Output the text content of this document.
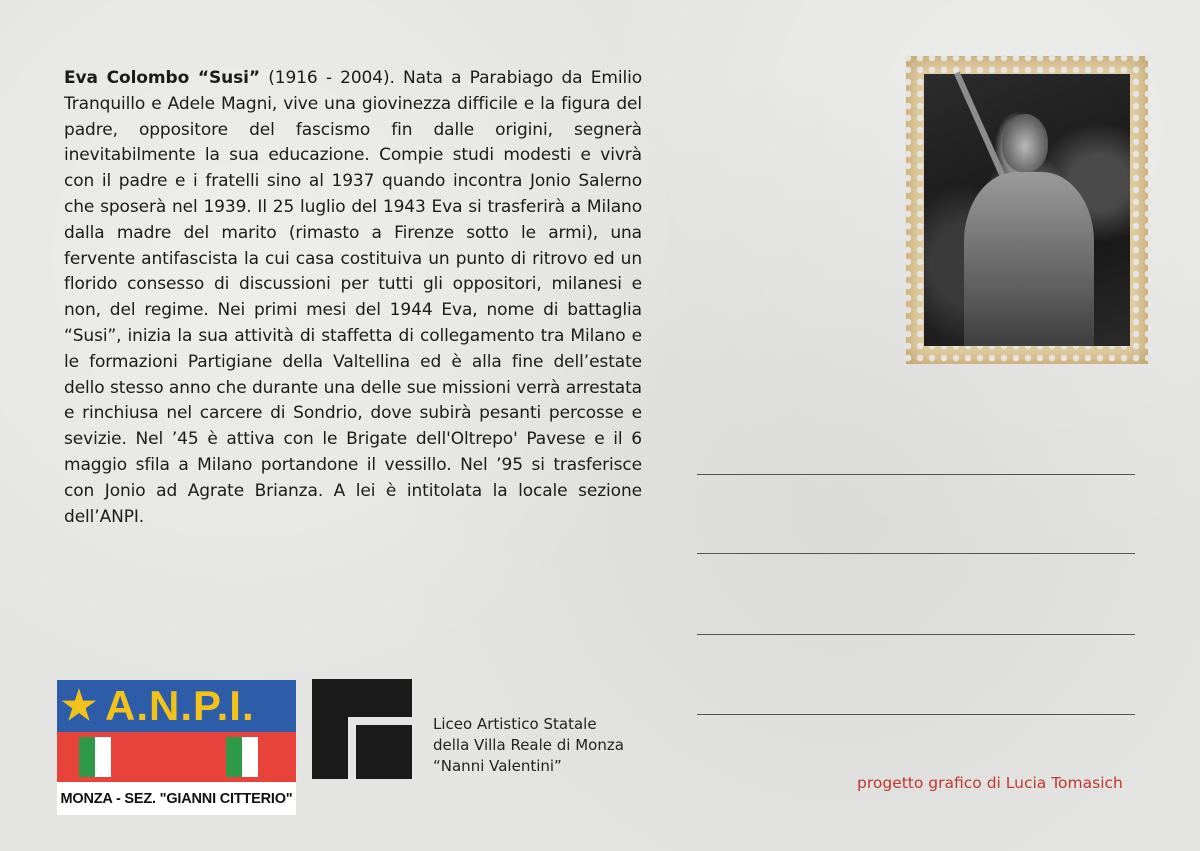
Eva Colombo “Susi” (1916 - 2004). Nata a Parabiago da Emilio Tranquillo e Adele Magni, vive una giovinezza difficile e la figura del padre, oppositore del fascismo fin dalle origini, segnerà inevitabilmente la sua educazione. Compie studi modesti e vivrà con il padre e i fratelli sino al 1937 quando incontra Jonio Salerno che sposerà nel 1939. Il 25 luglio del 1943 Eva si trasferirà a Milano dalla madre del marito (rimasto a Firenze sotto le armi), una fervente antifascista la cui casa costituiva un punto di ritrovo ed un florido consesso di discussioni per tutti gli oppositori, milanesi e non, del regime. Nei primi mesi del 1944 Eva, nome di battaglia “Susi”, inizia la sua attività di staffetta di collegamento tra Milano e le formazioni Partigiane della Valtellina ed è alla fine dell’estate dello stesso anno che durante una delle sue missioni verrà arrestata e rinchiusa nel carcere di Sondrio, dove subirà pesanti percosse e sevizie. Nel ’45 è attiva con le Brigate dell'Oltrepo' Pavese e il 6 maggio sfila a Milano portandone il vessillo. Nel ’95 si trasferisce con Jonio ad Agrate Brianza. A lei è intitolata la locale sezione dell’ANPI.
★ A.N.P.I.
MONZA - SEZ. "GIANNI CITTERIO"
Liceo Artistico Statale
della Villa Reale di Monza
“Nanni Valentini”
progetto grafico di Lucia Tomasich
